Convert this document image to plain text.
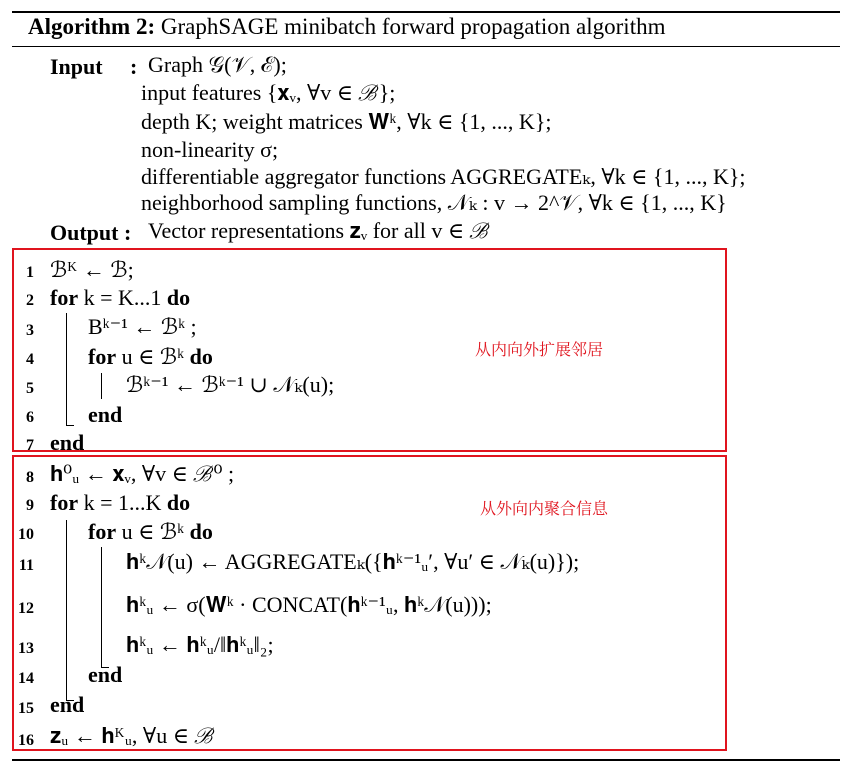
Algorithm 2: GraphSAGE minibatch forward propagation algorithm
Input : Graph 𝒢(𝒱, ℰ);
input features {𝐱ᵥ, ∀v ∈ ℬ};
depth K; weight matrices 𝐖ᵏ, ∀k ∈ {1, ..., K};
non-linearity σ;
differentiable aggregator functions AGGREGATEₖ, ∀k ∈ {1, ..., K};
neighborhood sampling functions, 𝒩ₖ : v → 2^𝒱, ∀k ∈ {1, ..., K}
Output : Vector representations 𝐳ᵥ for all v ∈ ℬ
从内向外扩展邻居
从外向内聚合信息
1 ℬᴷ ← ℬ;
2 for k = K...1 do
3 Bᵏ⁻¹ ← ℬᵏ ;
4 for u ∈ ℬᵏ do
5	ℬᵏ⁻¹ ← ℬᵏ⁻¹ ∪ 𝒩ₖ(u);
6 end
7 end
8 𝐡⁰ᵤ ← 𝐱ᵥ, ∀v ∈ ℬ⁰ ;
9 for k = 1...K do
10 for u ∈ ℬᵏ do
11	𝐡ᵏ𝒩(u) ← AGGREGATEₖ({𝐡ᵏ⁻¹ᵤ′, ∀u′ ∈ 𝒩ₖ(u)});
12	𝐡ᵏᵤ ← σ(𝐖ᵏ · CONCAT(𝐡ᵏ⁻¹ᵤ, 𝐡ᵏ𝒩(u)));
13	𝐡ᵏᵤ ← 𝐡ᵏᵤ/‖𝐡ᵏᵤ‖₂;
14 end
15 end
16 𝐳ᵤ ← 𝐡ᴷᵤ, ∀u ∈ ℬ
